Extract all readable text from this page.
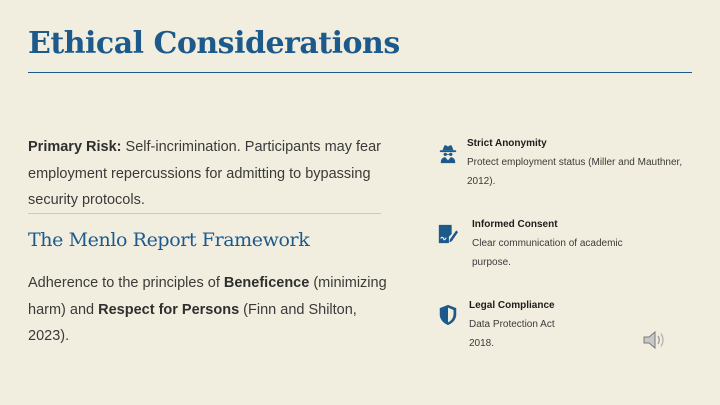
Ethical Considerations
Primary Risk: Self-incrimination. Participants may fear employment repercussions for admitting to bypassing security protocols.
The Menlo Report Framework
Adherence to the principles of Beneficence (minimizing harm) and Respect for Persons (Finn and Shilton, 2023).
Strict Anonymity
Protect employment status (Miller and Mauthner, 2012).
Informed Consent
Clear communication of academic purpose.
Legal Compliance
Data Protection Act 2018.
